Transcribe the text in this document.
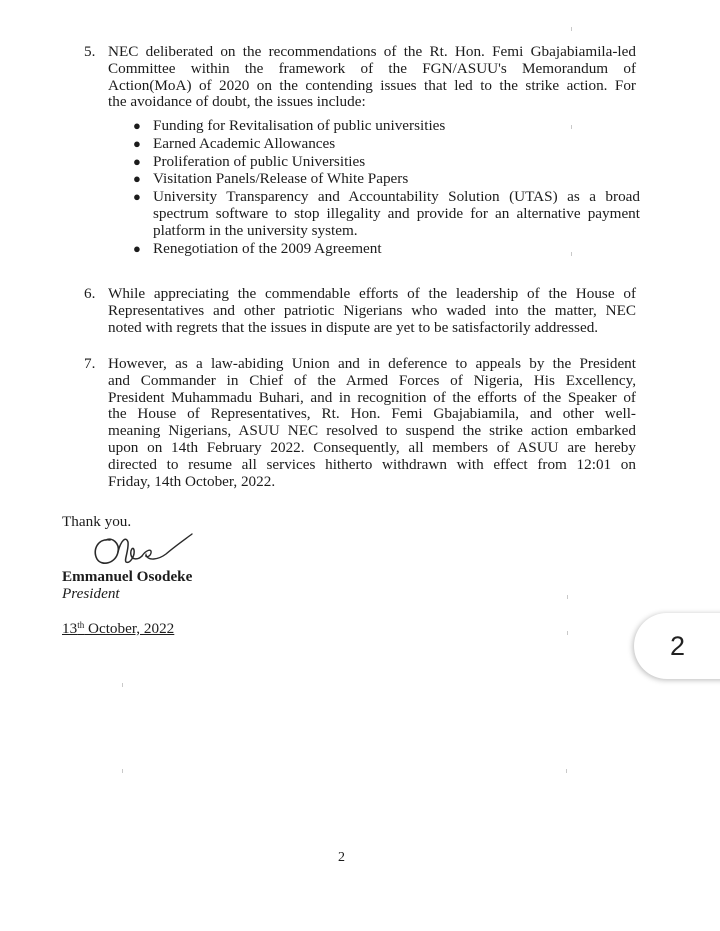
5. NEC deliberated on the recommendations of the Rt. Hon. Femi Gbajabiamila-led
Committee within the framework of the FGN/ASUU's Memorandum of
Action(MoA) of 2020 on the contending issues that led to the strike action. For
the avoidance of doubt, the issues include:
● Funding for Revitalisation of public universities
● Earned Academic Allowances
● Proliferation of public Universities
● Visitation Panels/Release of White Papers
● University Transparency and Accountability Solution (UTAS) as a broad spectrum software to stop illegality and provide for an alternative payment platform in the university system.
● Renegotiation of the 2009 Agreement
6. While appreciating the commendable efforts of the leadership of the House of
Representatives and other patriotic Nigerians who waded into the matter, NEC
noted with regrets that the issues in dispute are yet to be satisfactorily addressed.
7. However, as a law-abiding Union and in deference to appeals by the President
and Commander in Chief of the Armed Forces of Nigeria, His Excellency,
President Muhammadu Buhari, and in recognition of the efforts of the Speaker of
the House of Representatives, Rt. Hon. Femi Gbajabiamila, and other well-
meaning Nigerians, ASUU NEC resolved to suspend the strike action embarked
upon on 14th February 2022. Consequently, all members of ASUU are hereby
directed to resume all services hitherto withdrawn with effect from 12:01 on
Friday, 14th October, 2022.
Thank you.
Emmanuel Osodeke
President
13th October, 2022
2
2
